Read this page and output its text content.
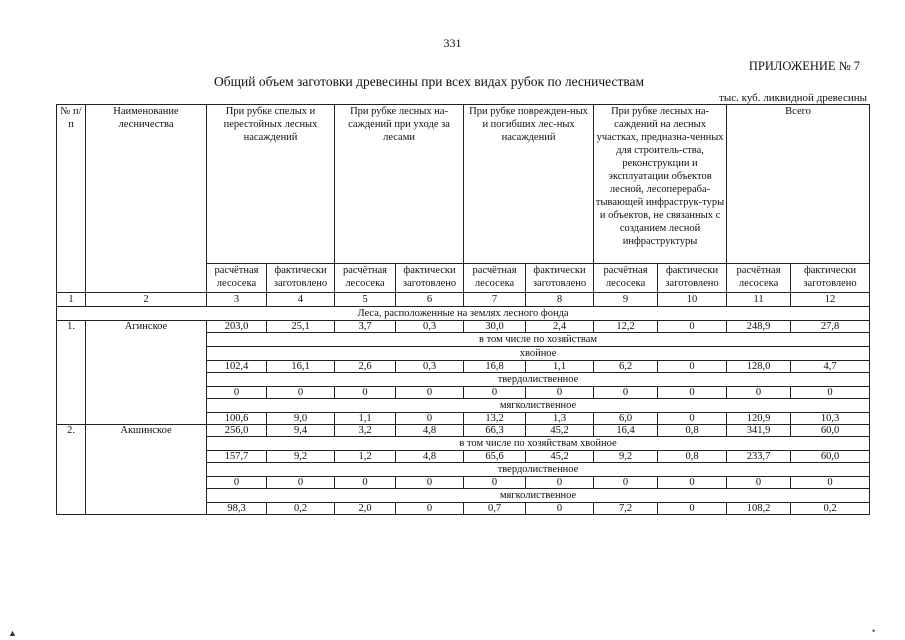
331
ПРИЛОЖЕНИЕ № 7
Общий объем заготовки древесины при всех видах рубок по лесничествам
тыс. куб. ликвидной древесины
№ п/п	Наименование лесничества	При рубке спелых и перестойных лесных насаждений		При рубке лесных на-саждений при уходе за лесами		При рубке поврежден-ных и погибших лес-ных насаждений		При рубке лесных на-саждений на лесных участках, предназна-ченных для строитель-ства, реконструкции и эксплуатации объектов лесной, лесоперераба-тывающей инфраструк-туры и объектов, не связанных с созданием лесной инфраструктуры		Всего	
		расчётная лесосека	фактически заготовлено	расчётная лесосека	фактически заготовлено	расчётная лесосека	фактически заготовлено	расчётная лесосека	фактически заготовлено	расчётная лесосека	фактически заготовлено
1	2	3	4	5	6	7	8	9	10	11	12
Леса, расположенные на землях лесного фонда											
1.	Агинское	203,0	25,1	3,7	0,3	30,0	2,4	12,2	0	248,9	27,8
		в том числе по хозяйствам									
		хвойное									
		102,4	16,1	2,6	0,3	16,8	1,1	6,2	0	128,0	4,7
		твердолиственное									
		0	0	0	0	0	0	0	0	0	0
		мягколиственное									
		100,6	9,0	1,1	0	13,2	1,3	6,0	0	120,9	10,3
2.	Акшинское	256,0	9,4	3,2	4,8	66,3	45,2	16,4	0,8	341,9	60,0
		в том числе по хозяйствам хвойное									
		157,7	9,2	1,2	4,8	65,6	45,2	9,2	0,8	233,7	60,0
		твердолиственное									
		0	0	0	0	0	0	0	0	0	0
		мягколиственное									
		98,3	0,2	2,0	0	0,7	0	7,2	0	108,2	0,2
▲	•
